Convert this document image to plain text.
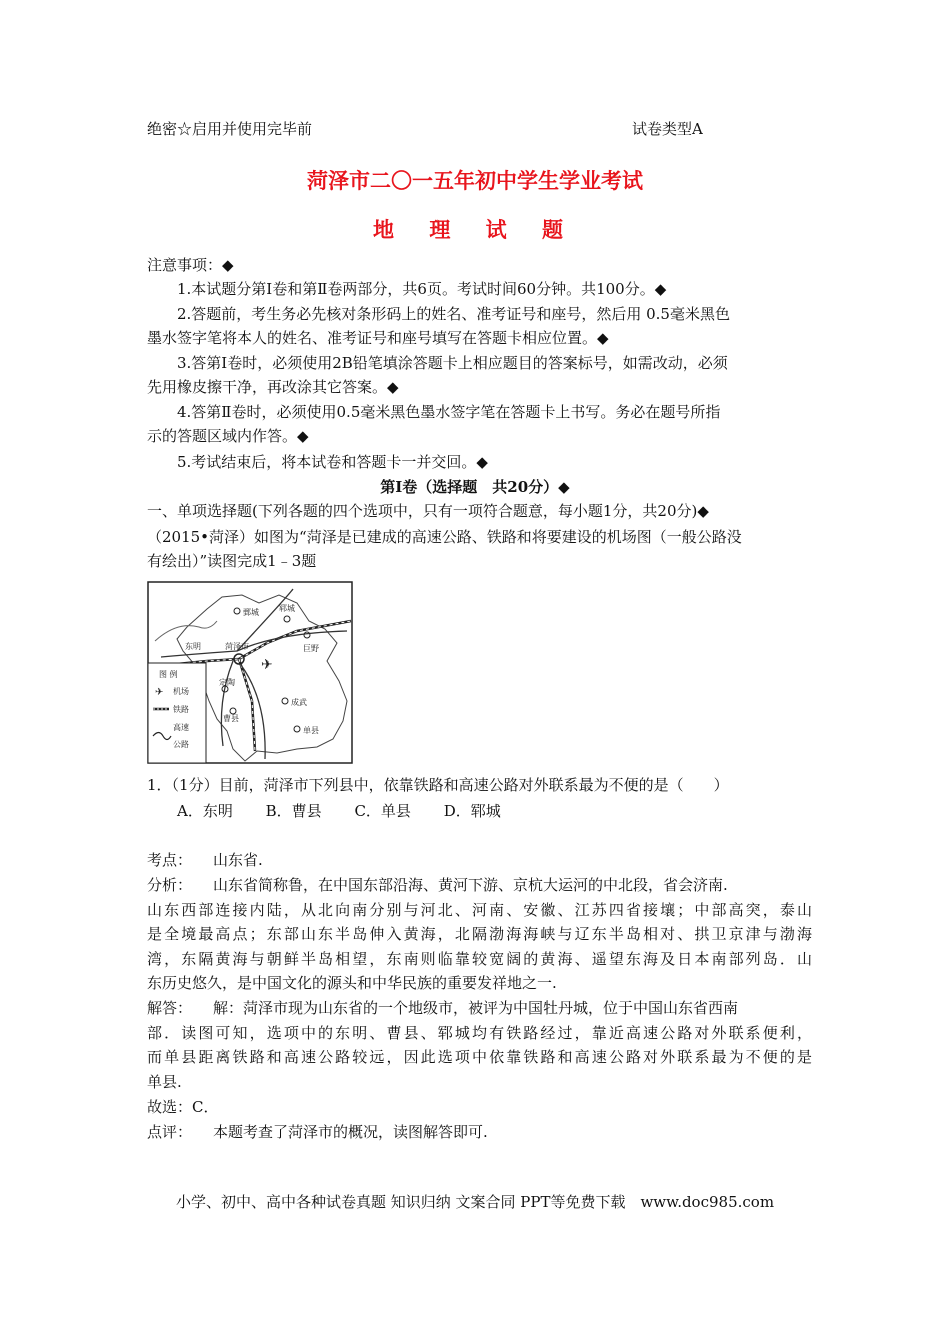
绝密☆启用并使用完毕前	试卷类型A
菏泽市二〇一五年初中学生学业考试
地 理 试 题
注意事项：◆
1.本试题分第Ⅰ卷和第Ⅱ卷两部分，共6页。考试时间60分钟。共100分。◆
2.答题前，考生务必先核对条形码上的姓名、准考证号和座号，然后用 0.5毫米黑色
墨水签字笔将本人的姓名、准考证号和座号填写在答题卡相应位置。◆
3.答第Ⅰ卷时，必须使用2B铅笔填涂答题卡上相应题目的答案标号，如需改动，必须
先用橡皮擦干净，再改涂其它答案。◆
4.答第Ⅱ卷时，必须使用0.5毫米黑色墨水签字笔在答题卡上书写。务必在题号所指
示的答题区域内作答。◆
5.考试结束后，将本试卷和答题卡一并交回。◆
第Ⅰ卷（选择题　共20分）◆
一、单项选择题(下列各题的四个选项中，只有一项符合题意，每小题1分，共20分)◆
（2015•菏泽）如图为“菏泽是已建成的高速公路、铁路和将要建设的机场图（一般公路没
有绘出）”读图完成1﹣3题
✈
鄄城	郓城
东明	菏泽市	巨野
定陶
成武
曹县
单县
图 例
✈ 机场
铁路
高速
公路
1．（1分）目前，菏泽市下列县中，依靠铁路和高速公路对外联系最为不便的是（　　）
A．东明 B．曹县 C．单县 D．郓城
考点： 山东省.
分析： 山东省简称鲁，在中国东部沿海、黄河下游、京杭大运河的中北段，省会济南.
山东西部连接内陆，从北向南分别与河北、河南、安徽、江苏四省接壤；中部高突，泰山
是全境最高点；东部山东半岛伸入黄海，北隔渤海海峡与辽东半岛相对、拱卫京津与渤海
湾，东隔黄海与朝鲜半岛相望，东南则临靠较宽阔的黄海、遥望东海及日本南部列岛．山
东历史悠久，是中国文化的源头和中华民族的重要发祥地之一.
解答： 解：菏泽市现为山东省的一个地级市，被评为中国牡丹城，位于中国山东省西南
部．读图可知，选项中的东明、曹县、郓城均有铁路经过，靠近高速公路对外联系便利，
而单县距离铁路和高速公路较远，因此选项中依靠铁路和高速公路对外联系最为不便的是
单县.
故选：C．
点评： 本题考查了菏泽市的概况，读图解答即可.
小学、初中、高中各种试卷真题 知识归纳 文案合同 PPT等免费下载　www.doc985.com
